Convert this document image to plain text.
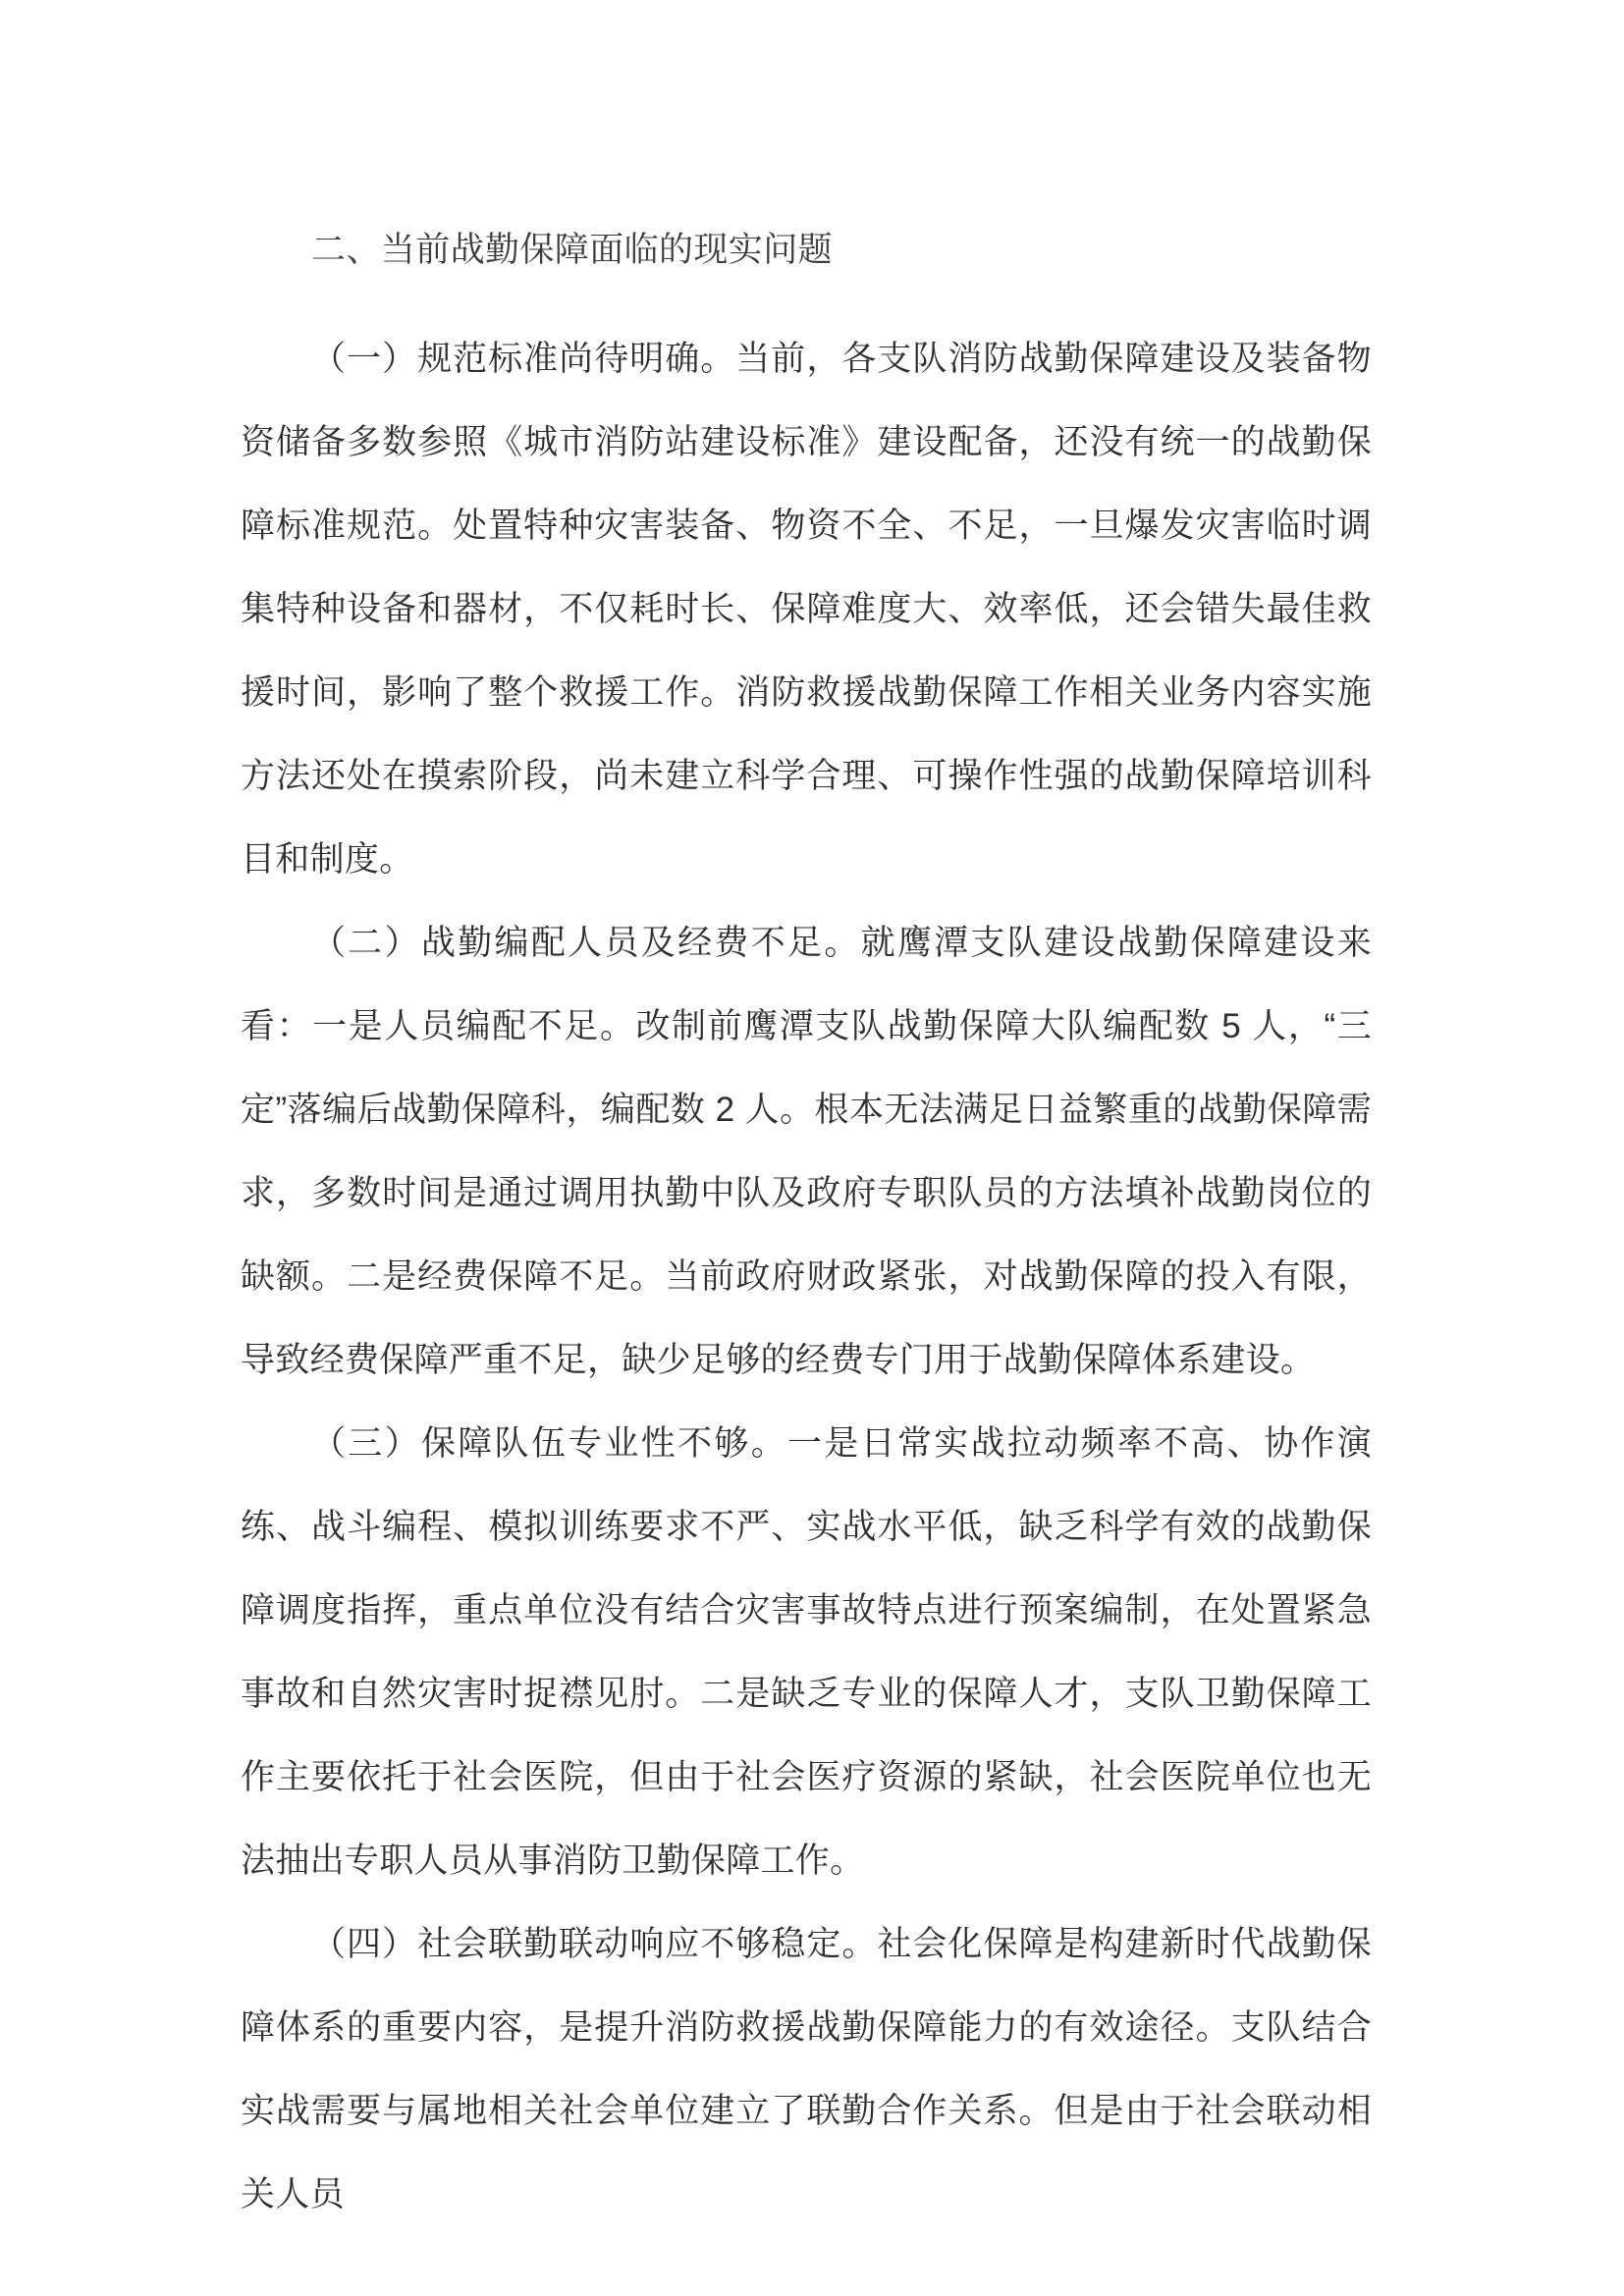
二、当前战勤保障面临的现实问题

（一）规范标准尚待明确。当前，各支队消防战勤保障建设及装备物资储备多数参照《城市消防站建设标准》建设配备，还没有统一的战勤保障标准规范。处置特种灾害装备、物资不全、不足，一旦爆发灾害临时调集特种设备和器材，不仅耗时长、保障难度大、效率低，还会错失最佳救援时间，影响了整个救援工作。消防救援战勤保障工作相关业务内容实施方法还处在摸索阶段，尚未建立科学合理、可操作性强的战勤保障培训科目和制度。

（二）战勤编配人员及经费不足。就鹰潭支队建设战勤保障建设来看：一是人员编配不足。改制前鹰潭支队战勤保障大队编配数 5 人，“三定”落编后战勤保障科，编配数 2 人。根本无法满足日益繁重的战勤保障需求，多数时间是通过调用执勤中队及政府专职队员的方法填补战勤岗位的缺额。二是经费保障不足。当前政府财政紧张，对战勤保障的投入有限，导致经费保障严重不足，缺少足够的经费专门用于战勤保障体系建设。

（三）保障队伍专业性不够。一是日常实战拉动频率不高、协作演练、战斗编程、模拟训练要求不严、实战水平低，缺乏科学有效的战勤保障调度指挥，重点单位没有结合灾害事故特点进行预案编制，在处置紧急事故和自然灾害时捉襟见肘。二是缺乏专业的保障人才，支队卫勤保障工作主要依托于社会医院，但由于社会医疗资源的紧缺，社会医院单位也无法抽出专职人员从事消防卫勤保障工作。

（四）社会联勤联动响应不够稳定。社会化保障是构建新时代战勤保障体系的重要内容，是提升消防救援战勤保障能力的有效途径。支队结合实战需要与属地相关社会单位建立了联勤合作关系。但是由于社会联动相关人员
